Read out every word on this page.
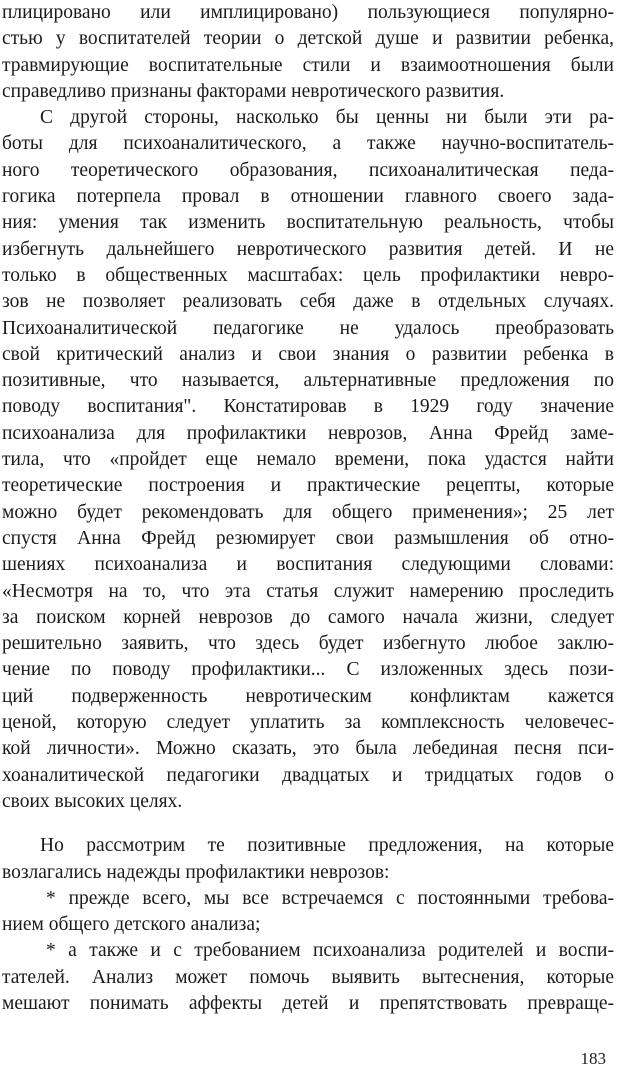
плицировано или имплицировано) пользующиеся популярно-
стью у воспитателей теории о детской душе и развитии ребенка,
травмирующие воспитательные стили и взаимоотношения были
справедливо признаны факторами невротического развития.
С другой стороны, насколько бы ценны ни были эти ра-
боты для психоаналитического, а также научно-воспитатель-
ного теоретического образования, психоаналитическая педа-
гогика потерпела провал в отношении главного своего зада-
ния: умения так изменить воспитательную реальность, чтобы
избегнуть дальнейшего невротического развития детей. И не
только в общественных масштабах: цель профилактики невро-
зов не позволяет реализовать себя даже в отдельных случаях.
Психоаналитической педагогике не удалось преобразовать
свой критический анализ и свои знания о развитии ребенка в
позитивные, что называется, альтернативные предложения по
поводу воспитания". Констатировав в 1929 году значение
психоанализа для профилактики неврозов, Анна Фрейд заме-
тила, что «пройдет еще немало времени, пока удастся найти
теоретические построения и практические рецепты, которые
можно будет рекомендовать для общего применения»; 25 лет
спустя Анна Фрейд резюмирует свои размышления об отно-
шениях психоанализа и воспитания следующими словами:
«Несмотря на то, что эта статья служит намерению проследить
за поиском корней неврозов до самого начала жизни, следует
решительно заявить, что здесь будет избегнуто любое заклю-
чение по поводу профилактики... С изложенных здесь пози-
ций подверженность невротическим конфликтам кажется
ценой, которую следует уплатить за комплексность человечес-
кой личности». Можно сказать, это была лебединая песня пси-
хоаналитической педагогики двадцатых и тридцатых годов о
своих высоких целях.
Но рассмотрим те позитивные предложения, на которые
возлагались надежды профилактики неврозов:
* прежде всего, мы все встречаемся с постоянными требова-
нием общего детского анализа;
* а также и с требованием психоанализа родителей и воспи-
тателей. Анализ может помочь выявить вытеснения, которые
мешают понимать аффекты детей и препятствовать превраще-
183
